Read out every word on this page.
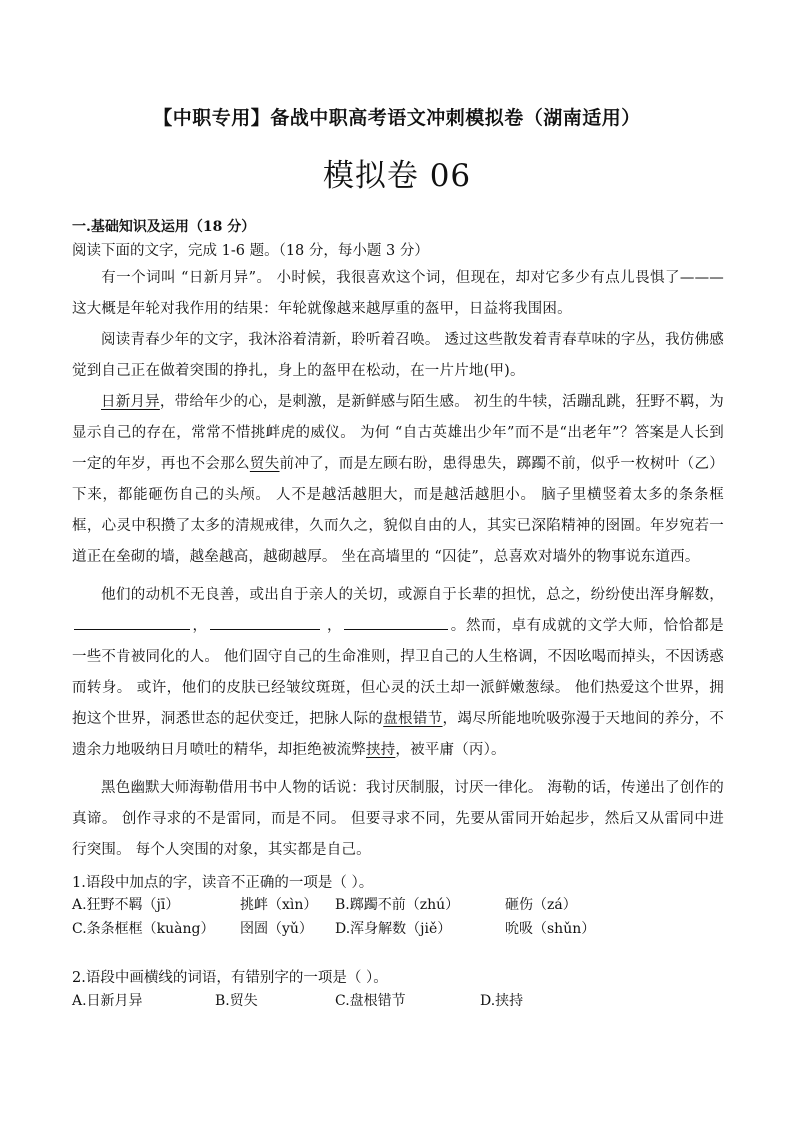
【中职专用】备战中职高考语文冲刺模拟卷（湖南适用）
模拟卷 06
一.基础知识及运用（18 分）
阅读下面的文字，完成 1-6 题。（18 分，每小题 3 分）
有一个词叫 “日新月异”。 小时候，我很喜欢这个词，但现在，却对它多少有点儿畏惧了———这大概是年轮对我作用的结果：年轮就像越来越厚重的盔甲，日益将我围困。
阅读青春少年的文字，我沐浴着清新，聆听着召唤。 透过这些散发着青春草味的字丛，我仿佛感觉到自己正在做着突围的挣扎，身上的盔甲在松动，在一片片地(甲)。
日新月异，带给年少的心，是刺激，是新鲜感与陌生感。 初生的牛犊，活蹦乱跳，狂野不羁，为显示自己的存在，常常不惜挑衅虎的威仪。 为何 “自古英雄出少年”而不是“出老年”？答案是人长到一定的年岁，再也不会那么贸失前冲了，而是左顾右盼，患得患失，踯躅不前，似乎一枚树叶（乙）下来，都能砸伤自己的头颅。 人不是越活越胆大，而是越活越胆小。 脑子里横竖着太多的条条框框，心灵中积攒了太多的清规戒律，久而久之，貌似自由的人，其实已深陷精神的囹圄。年岁宛若一道正在垒砌的墙，越垒越高，越砌越厚。 坐在高墙里的 “囚徒”，总喜欢对墙外的物事说东道西。
他们的动机不无良善，或出自于亲人的关切，或源自于长辈的担忧，总之，纷纷使出浑身解数，，	，	。然而，卓有成就的文学大师，恰恰都是一些不肯被同化的人。 他们固守自己的生命准则，捍卫自己的人生格调，不因吆喝而掉头，不因诱惑而转身。 或许，他们的皮肤已经皱纹斑斑，但心灵的沃土却一派鲜嫩葱绿。 他们热爱这个世界，拥抱这个世界，洞悉世态的起伏变迁，把脉人际的盘根错节，竭尽所能地吮吸弥漫于天地间的养分，不遗余力地吸纳日月喷吐的精华，却拒绝被流弊挟持，被平庸（丙）。
黑色幽默大师海勒借用书中人物的话说：我讨厌制服，讨厌一律化。 海勒的话，传递出了创作的真谛。 创作寻求的不是雷同，而是不同。 但要寻求不同，先要从雷同开始起步，然后又从雷同中进行突围。 每个人突围的对象，其实都是自己。
1.语段中加点的字，读音不正确的一项是（ ）。
A.狂野不羁（jī）	挑衅（xìn） B.踯躅不前（zhú）	砸伤（zá）
C.条条框框（kuàng） 囹圄（yǔ） D.浑身解数（jiě）	吮吸（shǔn）
2.语段中画横线的词语，有错别字的一项是（ ）。
A.日新月异	B.贸失	C.盘根错节	D.挟持
